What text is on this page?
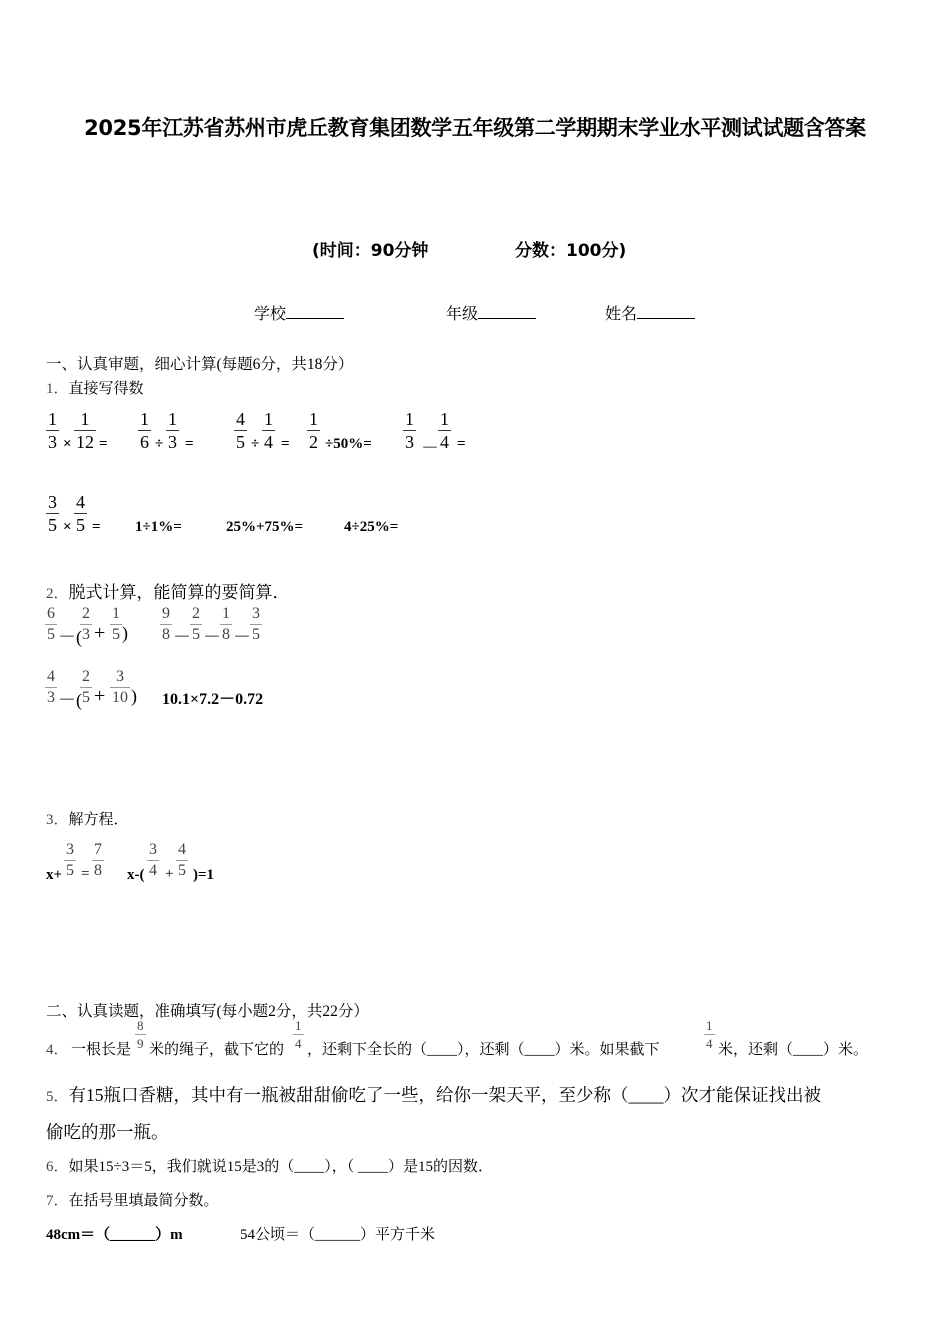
2025年江苏省苏州市虎丘教育集团数学五年级第二学期期末学业水平测试试题含答案
(时间：90分钟	分数：100分)
学校	年级	姓名
一、认真审题，细心计算(每题6分，共18分）
1．直接写得数
$\frac{1}{3} \times \frac{1}{12} = \frac{1}{6} \div \frac{1}{3} = \frac{4}{5} \div \frac{1}{4} = \frac{1}{2} \div 50\%= \frac{1}{3} - \frac{1}{4}$ =
$\frac{3}{5} \times \frac{4}{5} = 1\div 1\%=$	25%+75%=	4÷25%=
2．脱式计算，能简算的要简算．
$\frac{6}{5}$ －(
$\frac{2}{3} + \frac{1}{5}$ ) $\frac{9}{8} - \frac{2}{5} - \frac{1}{8} - \frac{3}{5}$
$\frac{4}{3}$ －(
$\frac{2}{5} + \frac{3}{10}$ ) 10.1×7.2－0.72
3．解方程．
$x+ \frac{3}{5} = \frac{7}{8} x-( \frac{3}{4} + \frac{4}{5} )=1$
二、认真读题，准确填写(每小题2分，共22分）
4． 一根长是 $\frac{8}{9}$ 米的绳子，截下它的 $\frac{1}{4}$ ，还剩下全长的（____），还剩（____）米。如果截下	$\frac{1}{4}$ 米，还剩（____）米。
5．有15瓶口香糖，其中有一瓶被甜甜偷吃了一些，给你一架天平，至少称（____）次才能保证找出被
偷吃的那一瓶。
6．如果15÷3＝5，我们就说15是3的（____），（ ____）是15的因数．
7．在括号里填最简分数。
48cm＝（______）m	54公顷＝（______）平方千米
